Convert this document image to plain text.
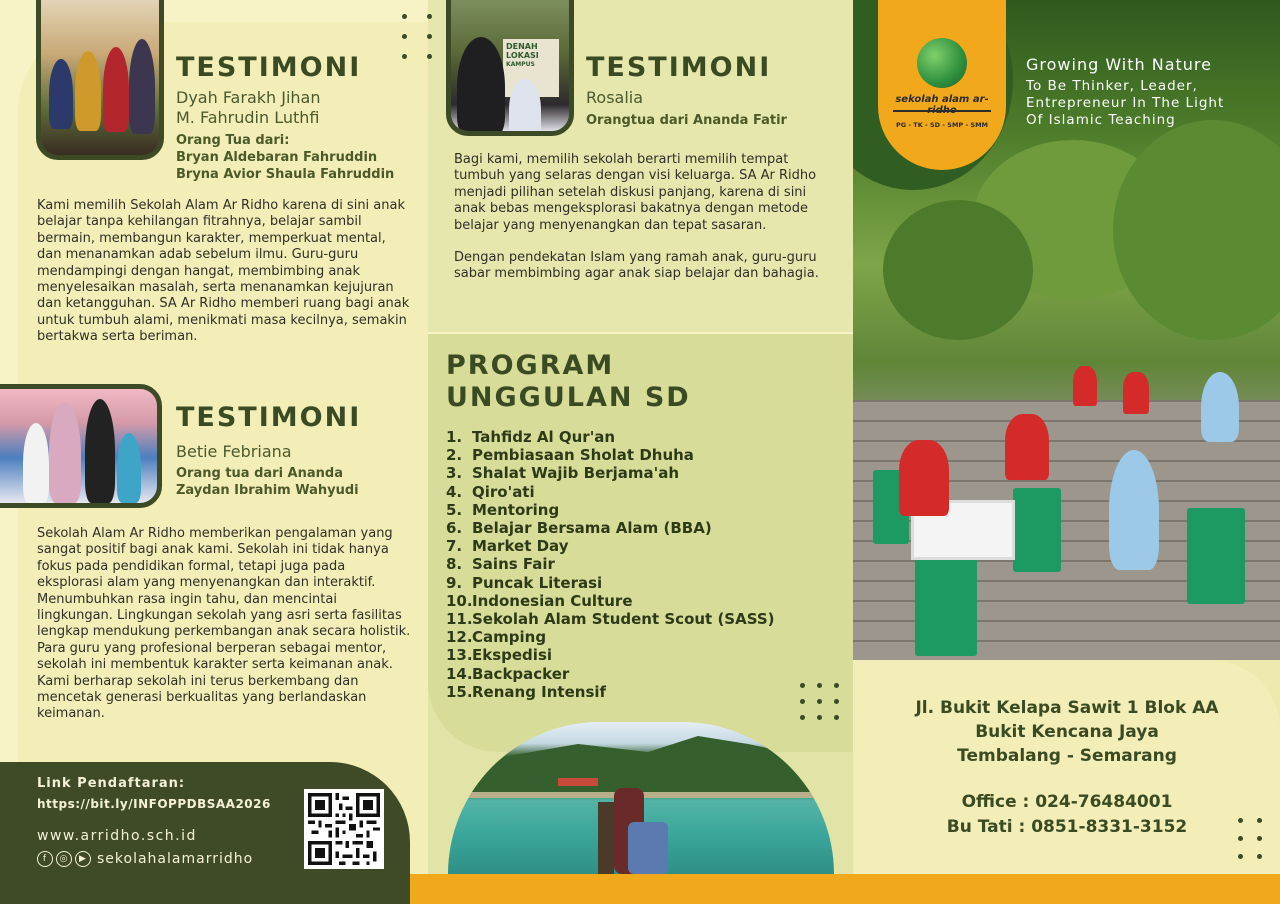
TESTIMONI
Dyah Farakh Jihan
M. Fahrudin Luthfi
Orang Tua dari:
Bryan Aldebaran Fahruddin
Bryna Avior Shaula Fahruddin

Kami memilih Sekolah Alam Ar Ridho karena di sini anak belajar tanpa kehilangan fitrahnya, belajar sambil bermain, membangun karakter, memperkuat mental, dan menanamkan adab sebelum ilmu. Guru-guru mendampingi dengan hangat, membimbing anak menyelesaikan masalah, serta menanamkan kejujuran dan ketangguhan. SA Ar Ridho memberi ruang bagi anak untuk tumbuh alami, menikmati masa kecilnya, semakin bertakwa serta beriman.

TESTIMONI
Betie Febriana
Orang tua dari Ananda
Zaydan Ibrahim Wahyudi

Sekolah Alam Ar Ridho memberikan pengalaman yang sangat positif bagi anak kami. Sekolah ini tidak hanya fokus pada pendidikan formal, tetapi juga pada eksplorasi alam yang menyenangkan dan interaktif. Menumbuhkan rasa ingin tahu, dan mencintai lingkungan. Lingkungan sekolah yang asri serta fasilitas lengkap mendukung perkembangan anak secara holistik. Para guru yang profesional berperan sebagai mentor, sekolah ini membentuk karakter serta keimanan anak. Kami berharap sekolah ini terus berkembang dan mencetak generasi berkualitas yang berlandaskan keimanan.

DENAH
LOKASI
KAMPUS	TESTIMONI
Rosalia
Orangtua dari Ananda Fatir

Bagi kami, memilih sekolah berarti memilih tempat tumbuh yang selaras dengan visi keluarga. SA Ar Ridho menjadi pilihan setelah diskusi panjang, karena di sini anak bebas mengeksplorasi bakatnya dengan metode belajar yang menyenangkan dan tepat sasaran.

Dengan pendekatan Islam yang ramah anak, guru-guru sabar membimbing agar anak siap belajar dan bahagia.

PROGRAM
UNGGULAN SD
1. Tahfidz Al Qur'an
2. Pembiasaan Sholat Dhuha
3. Shalat Wajib Berjama'ah
4. Qiro'ati
5. Mentoring
6. Belajar Bersama Alam (BBA)
7. Market Day
8. Sains Fair
9. Puncak Literasi
10. Indonesian Culture
11. Sekolah Alam Student Scout (SASS)
12. Camping
13. Ekspedisi
14. Backpacker
15. Renang Intensif
Link Pendaftaran:
https://bit.ly/INFOPPDBSAA2026
www.arridho.sch.id
f	◎	▶ sekolahalamarridho
sekolah alam ar-
PG - TK - SD - SMP - SMM
Growing With Nature
To Be Thinker, Leader, Entrepreneur In The Light Of Islamic Teaching
Jl. Bukit Kelapa Sawit 1 Blok AA
Bukit Kencana Jaya
Tembalang - Semarang
Office : 024-76484001
Bu Tati : 0851-8331-3152
